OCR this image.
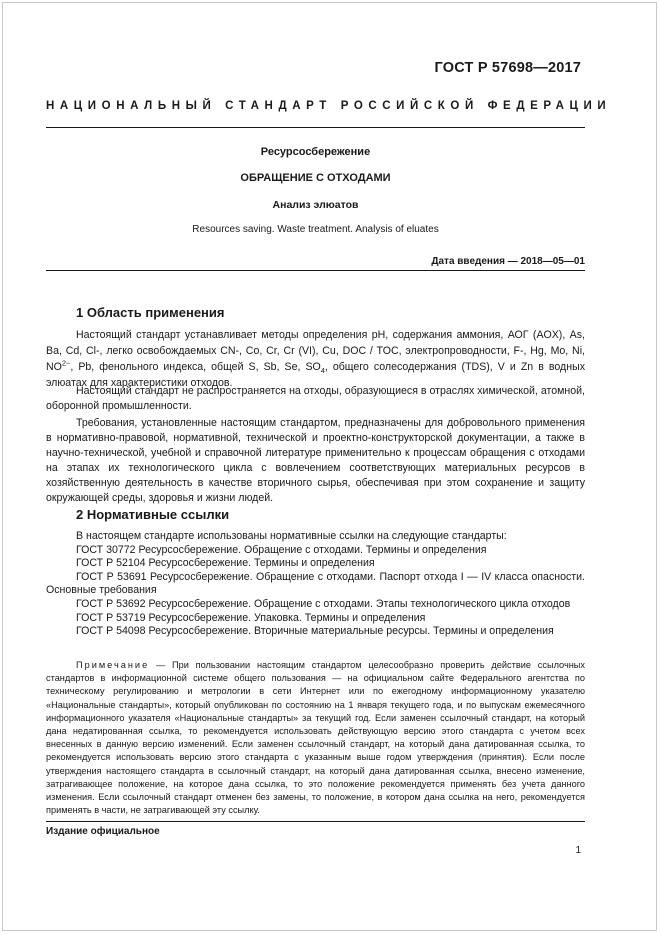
ГОСТ Р 57698—2017
НАЦИОНАЛЬНЫЙ СТАНДАРТ РОССИЙСКОЙ ФЕДЕРАЦИИ
Ресурсосбережение
ОБРАЩЕНИЕ С ОТХОДАМИ
Анализ элюатов
Resources saving. Waste treatment. Analysis of eluates
Дата введения — 2018—05—01
1 Область применения

Настоящий стандарт устанавливает методы определения pH, содержания аммония, АОГ (AOX), As, Ba, Cd, Cl-, легко освобождаемых CN-, Co, Cr, Cr (VI), Cu, DOC / TOC, электропроводности, F-, Hg, Mo, Ni, $NO^{2-}$, Pb, фенольного индекса, общей S, Sb, Se, $SO_4$, общего солесодержания (TDS), V и Zn в водных элюатах для характеристики отходов.

Настоящий стандарт не распространяется на отходы, образующиеся в отраслях химической, атомной, оборонной промышленности.

Требования, установленные настоящим стандартом, предназначены для добровольного применения в нормативно-правовой, нормативной, технической и проектно-конструкторской документации, а также в научно-технической, учебной и справочной литературе применительно к процессам обращения с отходами на этапах их технологического цикла с вовлечением соответствующих материальных ресурсов в хозяйственную деятельность в качестве вторичного сырья, обеспечивая при этом сохранение и защиту окружающей среды, здоровья и жизни людей.

2 Нормативные ссылки

В настоящем стандарте использованы нормативные ссылки на следующие стандарты:

ГОСТ 30772 Ресурсосбережение. Обращение с отходами. Термины и определения

ГОСТ Р 52104 Ресурсосбережение. Термины и определения

ГОСТ Р 53691 Ресурсосбережение. Обращение с отходами. Паспорт отхода I — IV класса опасности. Основные требования

ГОСТ Р 53692 Ресурсосбережение. Обращение с отходами. Этапы технологического цикла отходов

ГОСТ Р 53719 Ресурсосбережение. Упаковка. Термины и определения

ГОСТ Р 54098 Ресурсосбережение. Вторичные материальные ресурсы. Термины и определения

Примечание — При пользовании настоящим стандартом целесообразно проверить действие ссылочных стандартов в информационной системе общего пользования — на официальном сайте Федерального агентства по техническому регулированию и метрологии в сети Интернет или по ежегодному информационному указателю «Национальные стандарты», который опубликован по состоянию на 1 января текущего года, и по выпускам ежемесячного информационного указателя «Национальные стандарты» за текущий год. Если заменен ссылочный стандарт, на который дана недатированная ссылка, то рекомендуется использовать действующую версию этого стандарта с учетом всех внесенных в данную версию изменений. Если заменен ссылочный стандарт, на который дана датированная ссылка, то рекомендуется использовать версию этого стандарта с указанным выше годом утверждения (принятия). Если после утверждения настоящего стандарта в ссылочный стандарт, на который дана датированная ссылка, внесено изменение, затрагивающее положение, на которое дана ссылка, то это положение рекомендуется применять без учета данного изменения. Если ссылочный стандарт отменен без замены, то положение, в котором дана ссылка на него, рекомендуется применять в части, не затрагивающей эту ссылку.

Издание официальное
1
